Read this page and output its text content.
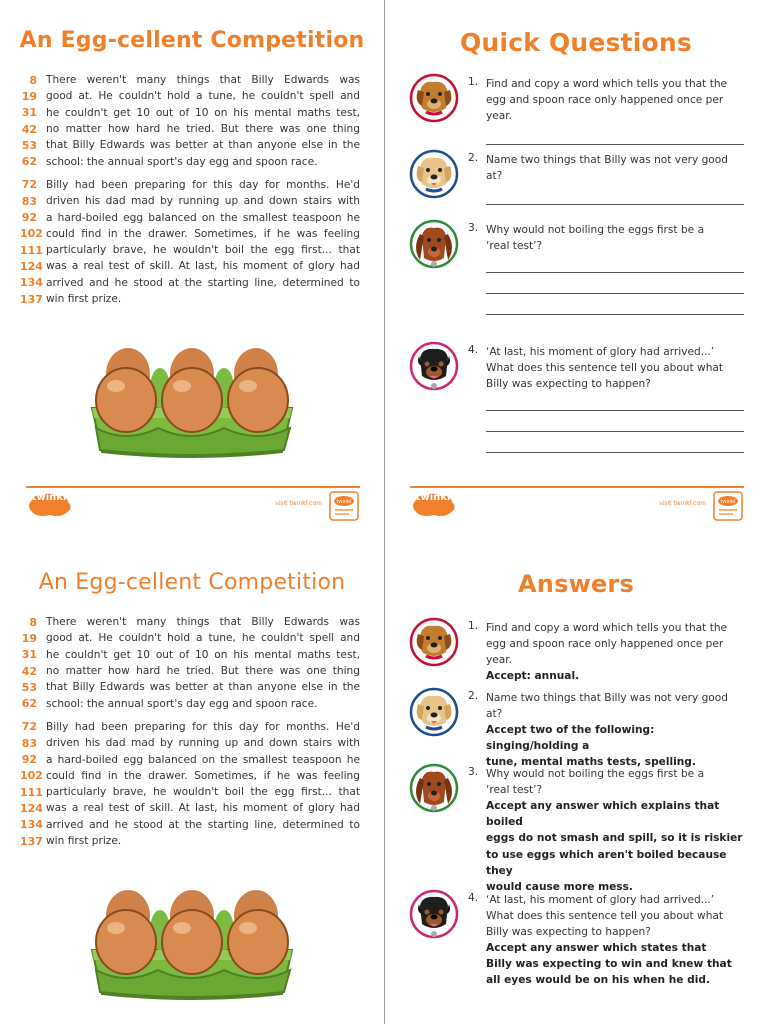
An Egg-cellent Competition
8 There weren't many things that Billy Edwards was
19 good at. He couldn't hold a tune, he couldn't spell and
31 he couldn't get 10 out of 10 on his mental maths test,
42 no matter how hard he tried. But there was one thing
53 that Billy Edwards was better at than anyone else in the
62 school: the annual sport's day egg and spoon race.
72 Billy had been preparing for this day for months. He'd
83 driven his dad mad by running up and down stairs with
92 a hard-boiled egg balanced on the smallest teaspoon he
102 could find in the drawer. Sometimes, if he was feeling
111 particularly brave, he wouldn't boil the egg first... that
124 was a real test of skill. At last, his moment of glory had
134 arrived and he stood at the starting line, determined to
137 win first prize.
twinkl
visit twinkl.com	twinkl
Quick Questions
1. Find and copy a word which tells you that the
egg and spoon race only happened once per year.
2. Name two things that Billy was not very good at?
3. Why would not boiling the eggs first be a
‘real test’?
4. ‘At last, his moment of glory had arrived...’
What does this sentence tell you about what
Billy was expecting to happen?
twinkl
visit twinkl.com	twinkl
An Egg-cellent Competition
8 There weren't many things that Billy Edwards was
19 good at. He couldn't hold a tune, he couldn't spell and
31 he couldn't get 10 out of 10 on his mental maths test,
42 no matter how hard he tried. But there was one thing
53 that Billy Edwards was better at than anyone else in the
62 school: the annual sport's day egg and spoon race.
72 Billy had been preparing for this day for months. He'd
83 driven his dad mad by running up and down stairs with
92 a hard-boiled egg balanced on the smallest teaspoon he
102 could find in the drawer. Sometimes, if he was feeling
111 particularly brave, he wouldn't boil the egg first... that
124 was a real test of skill. At last, his moment of glory had
134 arrived and he stood at the starting line, determined to
137 win first prize.
Answers
1. Find and copy a word which tells you that the
egg and spoon race only happened once per year.
Accept: annual.
2. Name two things that Billy was not very good at?
Accept two of the following: singing/holding a
tune, mental maths tests, spelling.
3. Why would not boiling the eggs first be a
‘real test’?
Accept any answer which explains that boiled
eggs do not smash and spill, so it is riskier
to use eggs which aren't boiled because they
would cause more mess.
4. ‘At last, his moment of glory had arrived...’
What does this sentence tell you about what
Billy was expecting to happen?
Accept any answer which states that
Billy was expecting to win and knew that
all eyes would be on his when he did.
